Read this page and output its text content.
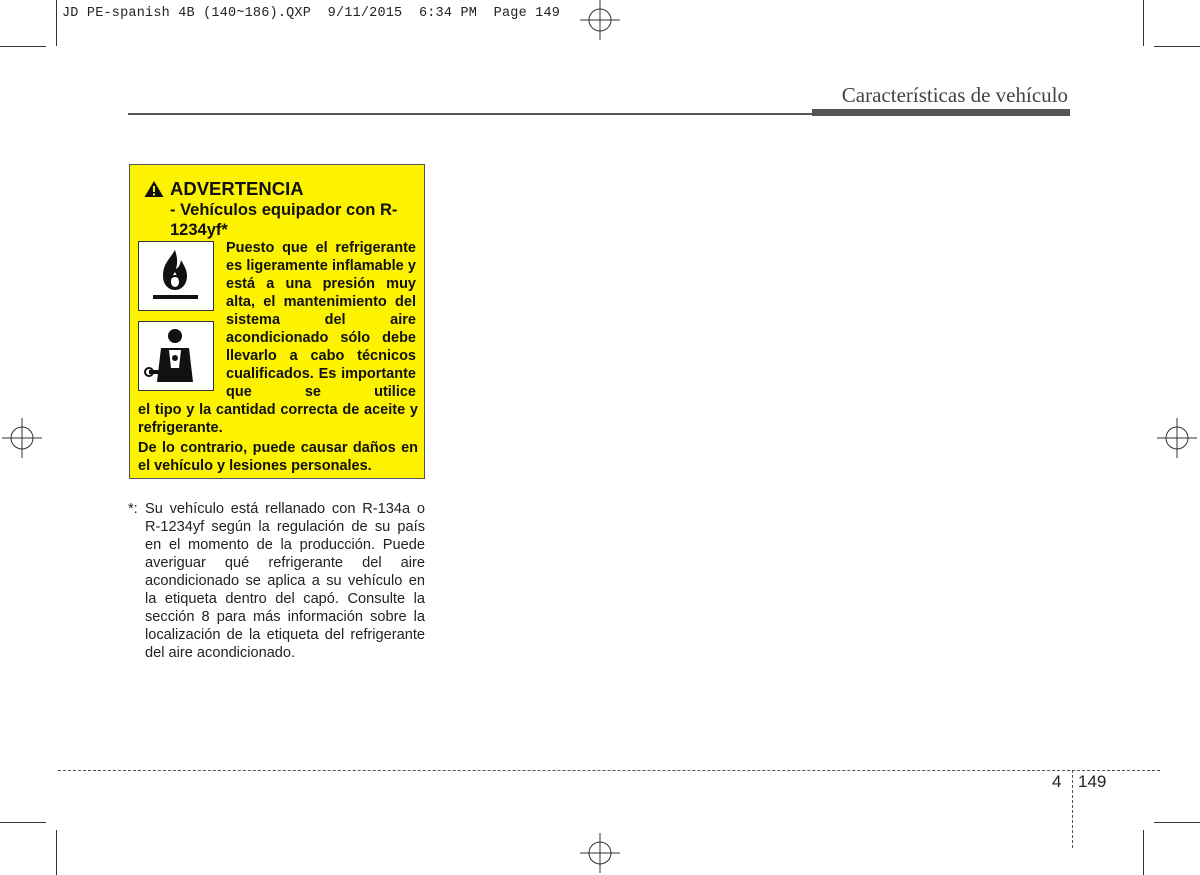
JD PE-spanish 4B (140~186).QXP  9/11/2015  6:34 PM  Page 149
Características de vehículo
ADVERTENCIA
- Vehículos equipador con R-1234yf*

Puesto que el refrigerante es ligeramente inflamable y está a una presión muy alta, el mantenimiento del sistema del aire acondicionado sólo debe llevarlo a cabo técnicos cualificados. Es importante que se utilice

el tipo y la cantidad correcta de aceite y refrigerante.

De lo contrario, puede causar daños en el vehículo y lesiones personales.

*: Su vehículo está rellanado con R-134a o R-1234yf según la regulación de su país en el momento de la producción. Puede averiguar qué refrigerante del aire acondicionado se aplica a su vehículo en la etiqueta dentro del capó. Consulte la sección 8 para más información sobre la localización de la etiqueta del refrigerante del aire acondicionado.
4 149
